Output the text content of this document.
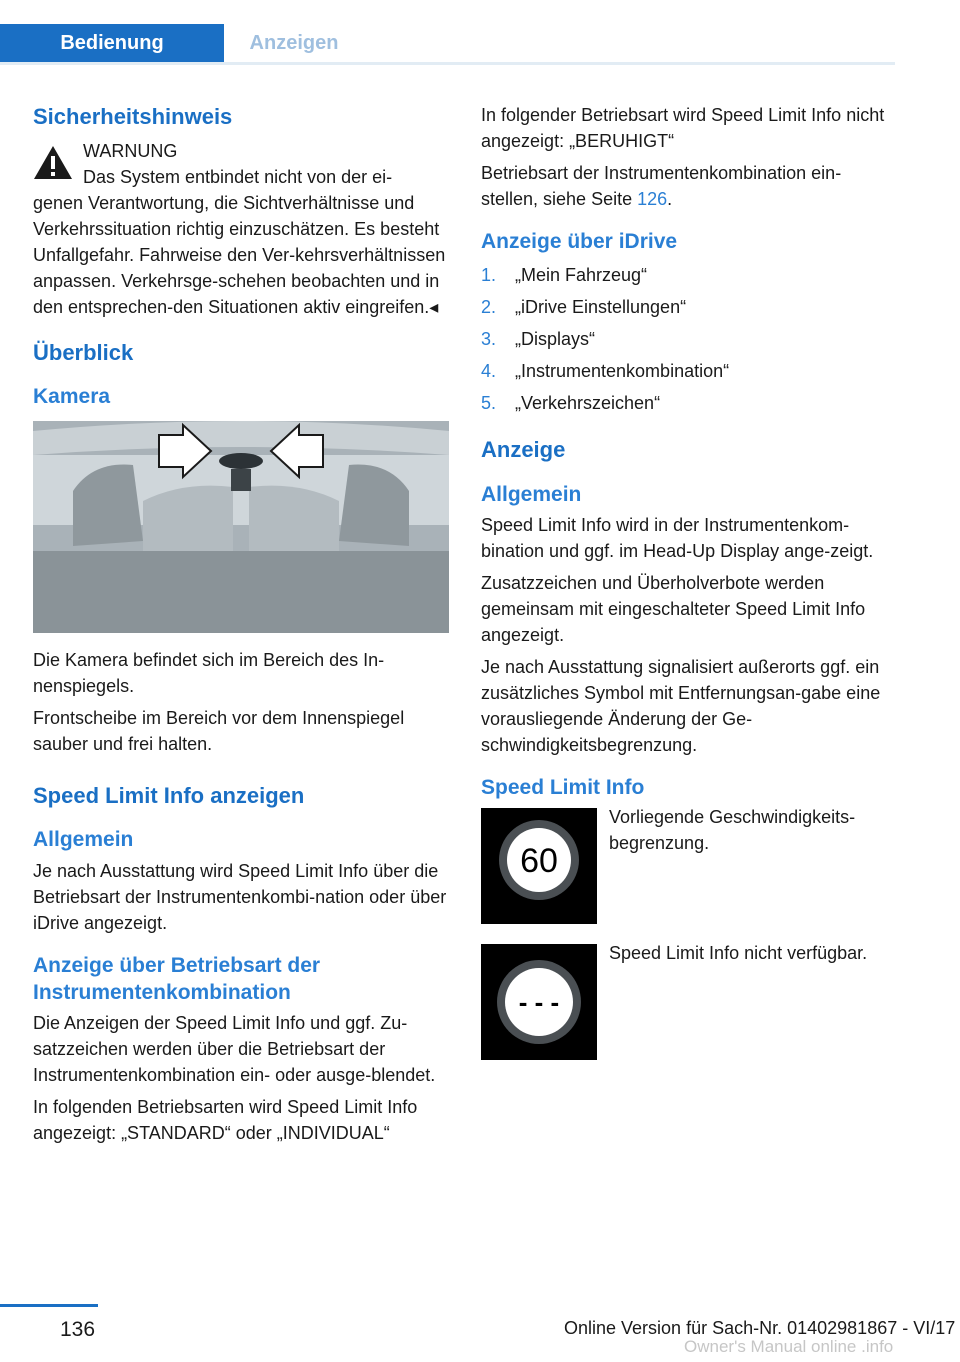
Bedienung	Anzeigen
Sicherheitshinweis
WARNUNG
Das System entbindet nicht von der ei-
genen Verantwortung, die Sichtverhältnisse und Verkehrssituation richtig einzuschätzen. Es besteht Unfallgefahr. Fahrweise den Ver-kehrsverhältnissen anpassen. Verkehrsge-schehen beobachten und in den entsprechen-den Situationen aktiv eingreifen.◂
Überblick
Kamera
Die Kamera befindet sich im Bereich des In-nenspiegels.
Frontscheibe im Bereich vor dem Innenspiegel sauber und frei halten.
Speed Limit Info anzeigen
Allgemein
Je nach Ausstattung wird Speed Limit Info über die Betriebsart der Instrumentenkombi-nation oder über iDrive angezeigt.
Anzeige über Betriebsart der Instrumentenkombination
Die Anzeigen der Speed Limit Info und ggf. Zu-satzzeichen werden über die Betriebsart der Instrumentenkombination ein- oder ausge-blendet.
In folgenden Betriebsarten wird Speed Limit Info angezeigt: „STANDARD“ oder „INDIVIDUAL“
In folgender Betriebsart wird Speed Limit Info nicht angezeigt: „BERUHIGT“
Betriebsart der Instrumentenkombination ein-stellen, siehe Seite 126.
Anzeige über iDrive
1.	„Mein Fahrzeug“
2.	„iDrive Einstellungen“
3.	„Displays“
4.	„Instrumentenkombination“
5.	„Verkehrszeichen“
Anzeige
Allgemein
Speed Limit Info wird in der Instrumentenkom-bination und ggf. im Head-Up Display ange-zeigt.
Zusatzzeichen und Überholverbote werden gemeinsam mit eingeschalteter Speed Limit Info angezeigt.
Je nach Ausstattung signalisiert außerorts ggf. ein zusätzliches Symbol mit Entfernungsan-gabe eine vorausliegende Änderung der Ge-schwindigkeitsbegrenzung.
Speed Limit Info
60
Vorliegende Geschwindigkeits-begrenzung.
- - -
Speed Limit Info nicht verfügbar.
136	Online Version für Sach-Nr. 01402981867 - VI/17
Owner's Manual online .info
